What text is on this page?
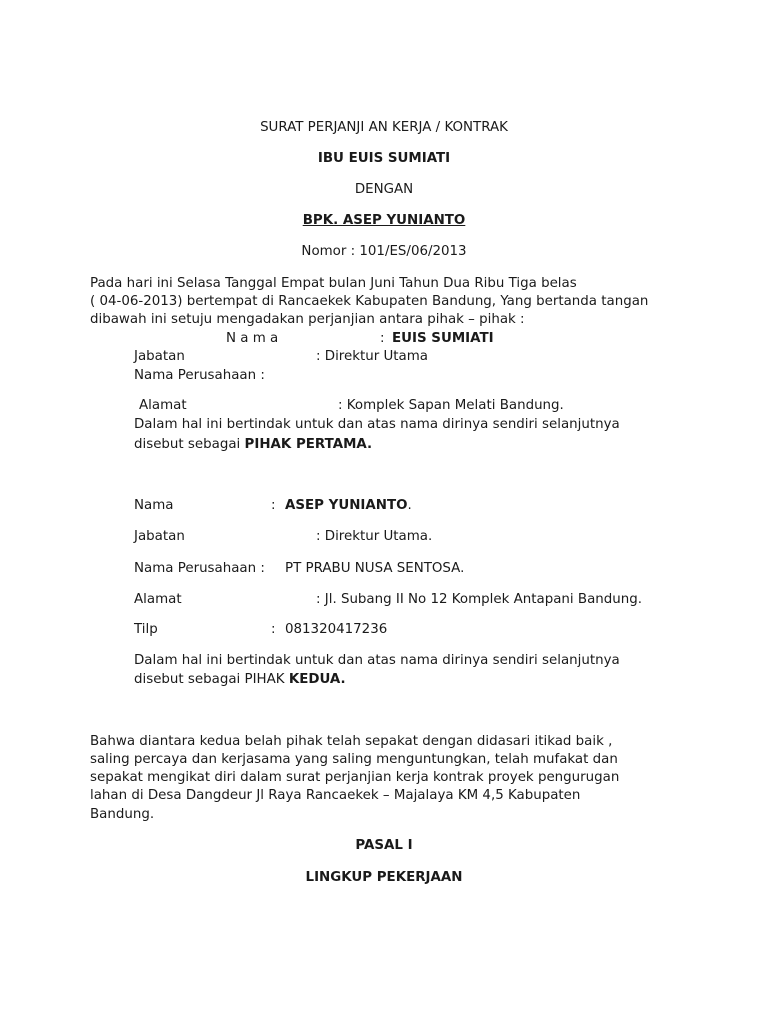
SURAT PERJANJI AN KERJA / KONTRAK
IBU EUIS SUMIATI
DENGAN
BPK. ASEP YUNIANTO
Nomor : 101/ES/06/2013
Pada hari ini Selasa Tanggal Empat bulan Juni Tahun Dua Ribu Tiga belas
( 04-06-2013) bertempat di Rancaekek Kabupaten Bandung, Yang bertanda tangan
dibawah ini setuju mengadakan perjanjian antara pihak – pihak :
N a m a	: EUIS SUMIATI
Jabatan	: Direktur Utama
Nama Perusahaan :
Alamat	: Komplek Sapan Melati Bandung.
Dalam hal ini bertindak untuk dan atas nama dirinya sendiri selanjutnya
disebut sebagai PIHAK PERTAMA.
Nama	: ASEP YUNIANTO.
Jabatan	: Direktur Utama.
Nama Perusahaan : PT PRABU NUSA SENTOSA.
Alamat	: Jl. Subang II No 12 Komplek Antapani Bandung.
Tilp	: 081320417236
Dalam hal ini bertindak untuk dan atas nama dirinya sendiri selanjutnya
disebut sebagai PIHAK KEDUA.
Bahwa diantara kedua belah pihak telah sepakat dengan didasari itikad baik ,
saling percaya dan kerjasama yang saling menguntungkan, telah mufakat dan
sepakat mengikat diri dalam surat perjanjian kerja kontrak proyek pengurugan
lahan di Desa Dangdeur Jl Raya Rancaekek – Majalaya KM 4,5 Kabupaten
Bandung.
PASAL I
LINGKUP PEKERJAAN
